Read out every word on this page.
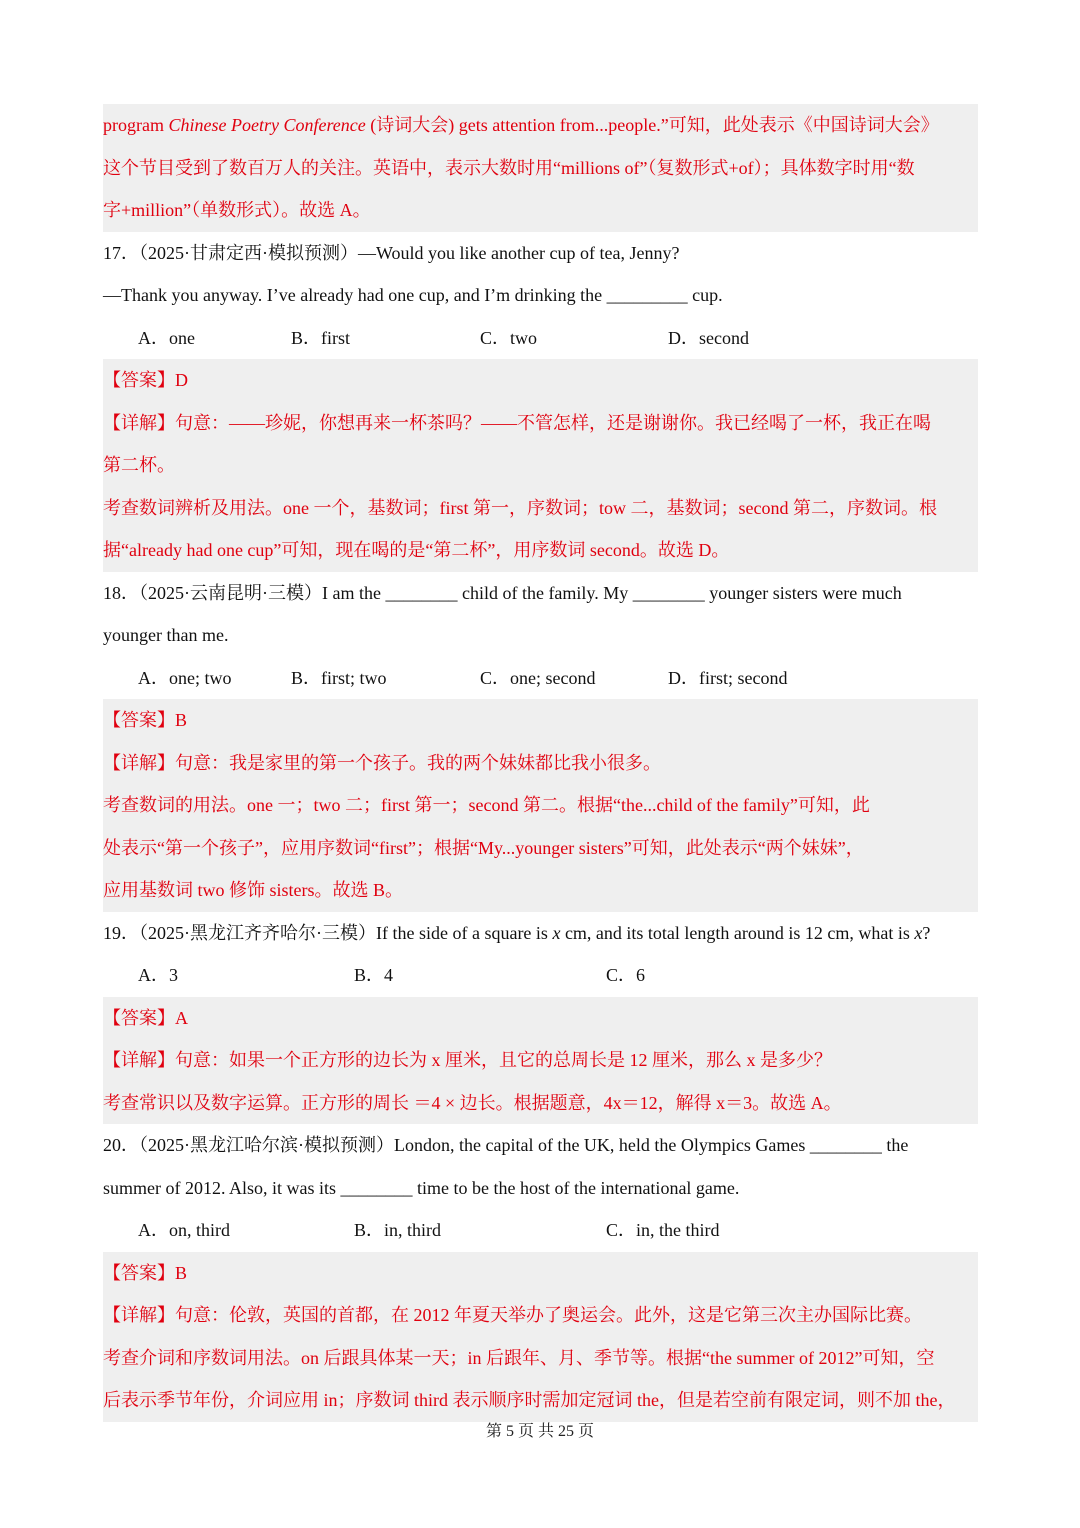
program Chinese Poetry Conference (诗词大会) gets attention from...people.”可知，此处表示《中国诗词大会》
这个节目受到了数百万人的关注。英语中，表示大数时用“millions of”（复数形式+of）；具体数字时用“数
字+million”（单数形式）。故选 A。
17．（2025·甘肃定西·模拟预测）—Would you like another cup of tea, Jenny?
—Thank you anyway. I’ve already had one cup, and I’m drinking the _________ cup.
A．one	B．first	C．two	D．second
【答案】D
【详解】句意：——珍妮，你想再来一杯茶吗？——不管怎样，还是谢谢你。我已经喝了一杯，我正在喝
第二杯。
考查数词辨析及用法。one 一个，基数词；first 第一，序数词；tow 二，基数词；second 第二，序数词。根
据“already had one cup”可知，现在喝的是“第二杯”，用序数词 second。故选 D。
18．（2025·云南昆明·三模）I am the ________ child of the family. My ________ younger sisters were much
younger than me.
A．one; two	B．first; two	C．one; second	D．first; second
【答案】B
【详解】句意：我是家里的第一个孩子。我的两个妹妹都比我小很多。
考查数词的用法。one 一；two 二；first 第一；second 第二。根据“the...child of the family”可知，此
处表示“第一个孩子”，应用序数词“first”；根据“My...younger sisters”可知，此处表示“两个妹妹”，
应用基数词 two 修饰 sisters。故选 B。
19．（2025·黑龙江齐齐哈尔·三模）If the side of a square is x cm, and its total length around is 12 cm, what is x?
A．3	B．4	C．6
【答案】A
【详解】句意：如果一个正方形的边长为 x 厘米，且它的总周长是 12 厘米，那么 x 是多少？
考查常识以及数字运算。正方形的周长 ＝4 × 边长。根据题意，4x＝12，解得 x＝3。故选 A。
20．（2025·黑龙江哈尔滨·模拟预测）London, the capital of the UK, held the Olympics Games ________ the
summer of 2012. Also, it was its ________ time to be the host of the international game.
A．on, third	B．in, third	C．in, the third
【答案】B
【详解】句意：伦敦，英国的首都，在 2012 年夏天举办了奥运会。此外，这是它第三次主办国际比赛。
考查介词和序数词用法。on 后跟具体某一天；in 后跟年、月、季节等。根据“the summer of 2012”可知，空
后表示季节年份，介词应用 in；序数词 third 表示顺序时需加定冠词 the，但是若空前有限定词，则不加 the，
第 5 页 共 25 页
